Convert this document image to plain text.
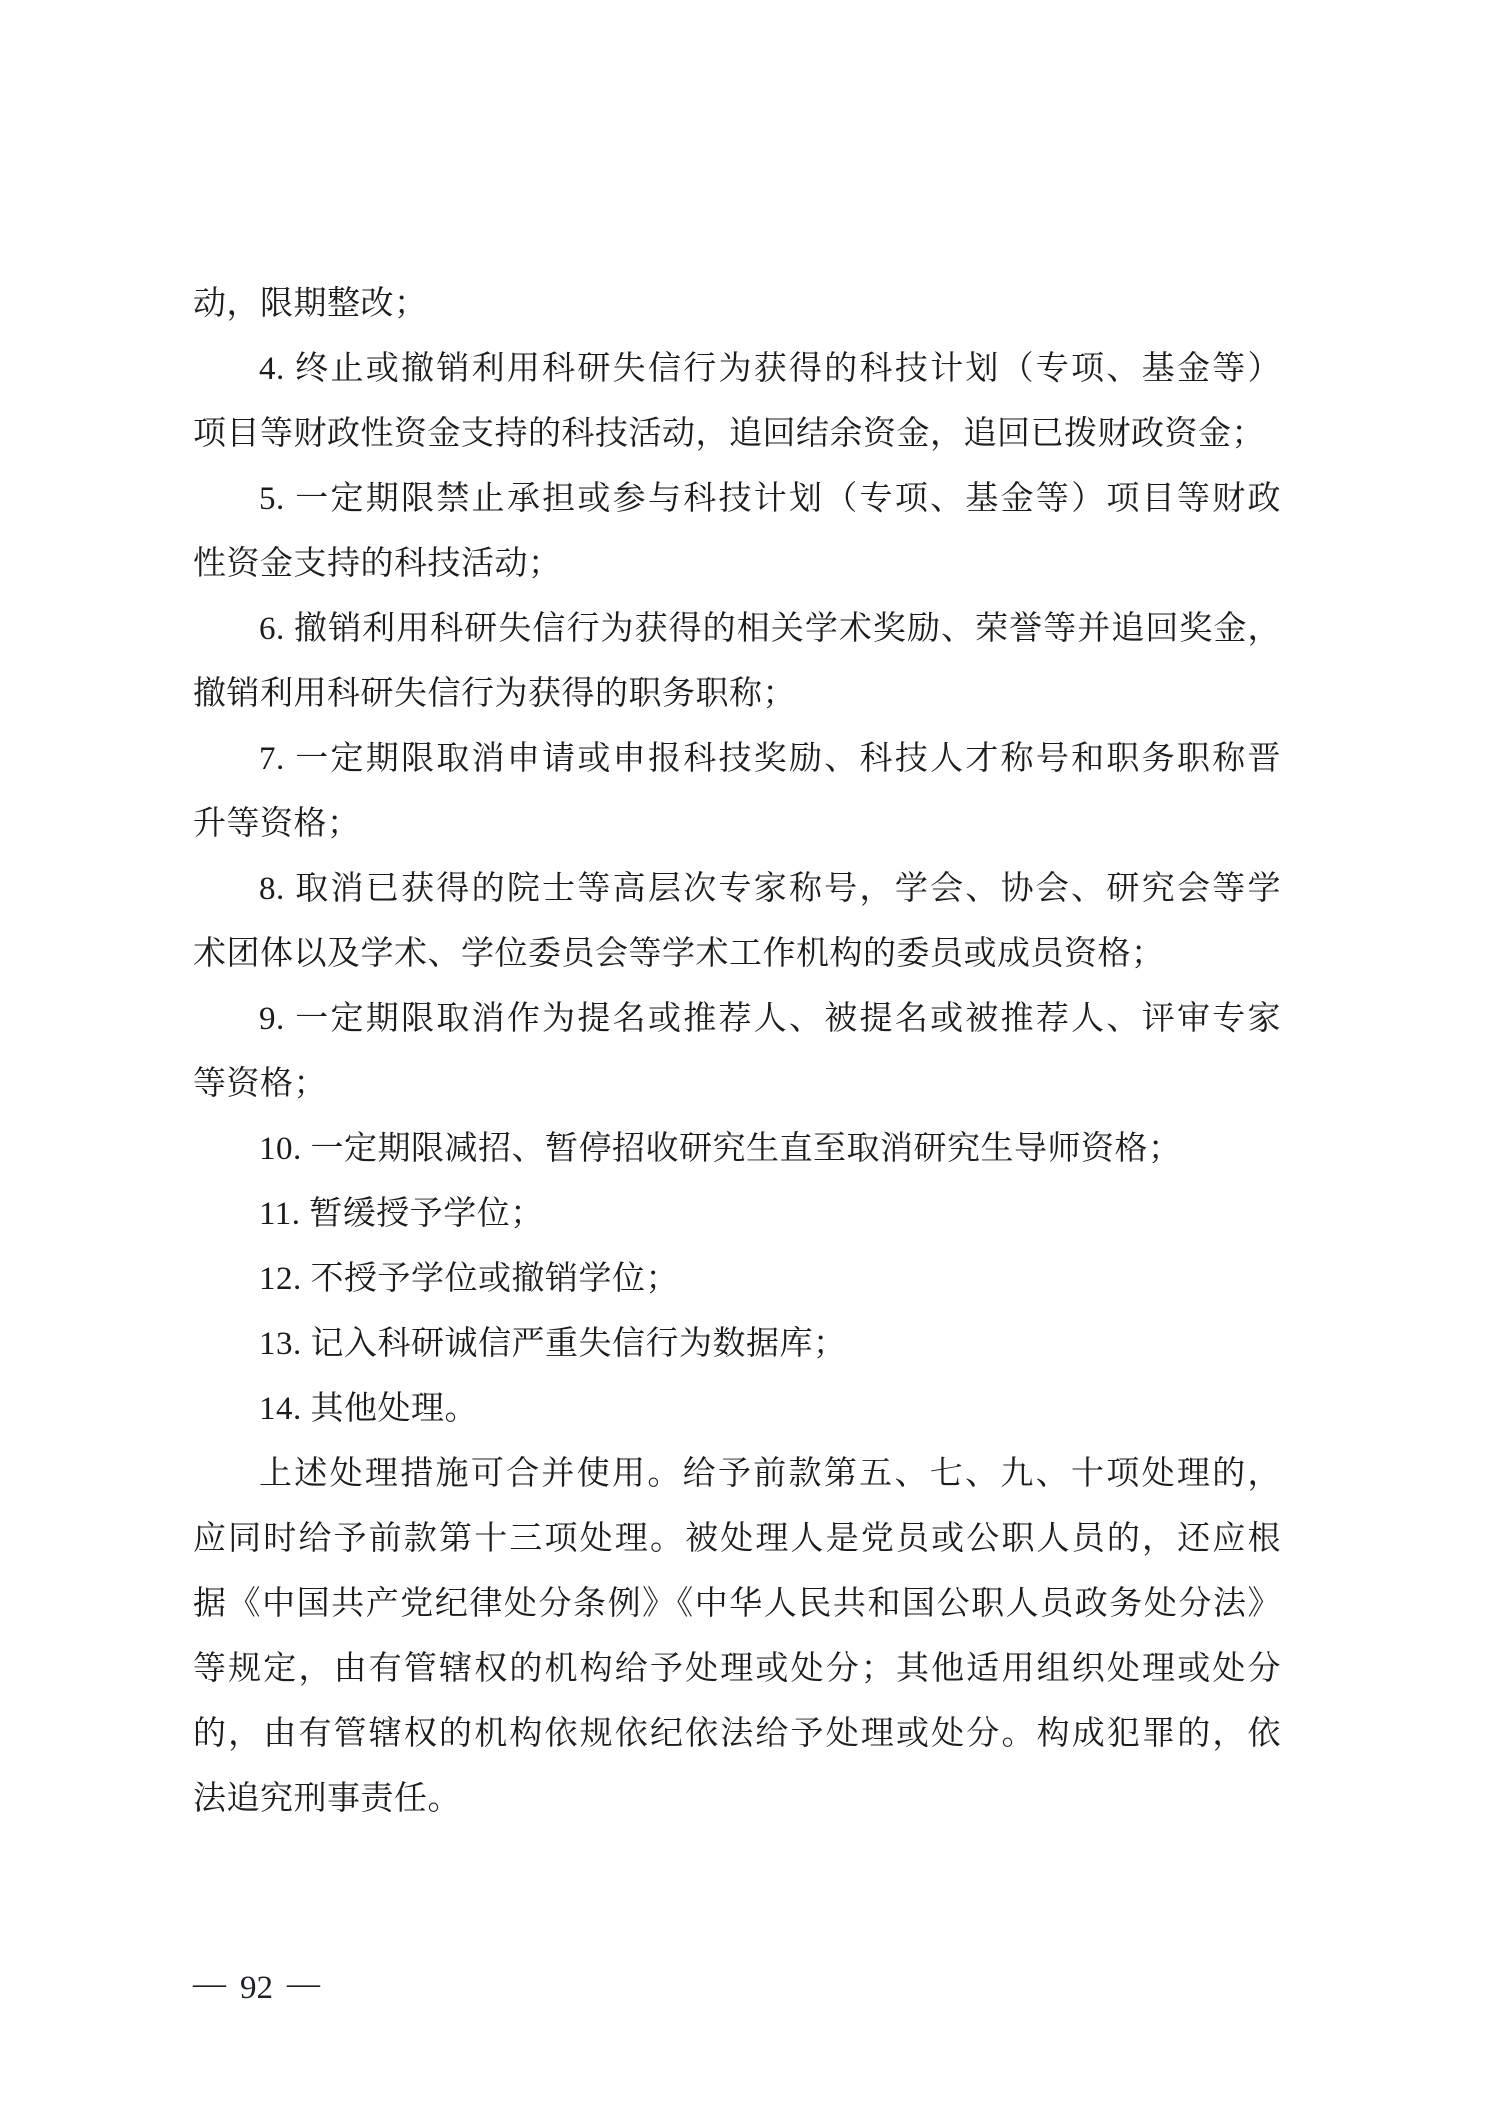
动，限期整改；
4. 终止或撤销利用科研失信行为获得的科技计划（专项、基金等）
项目等财政性资金支持的科技活动，追回结余资金，追回已拨财政资金；
5. 一定期限禁止承担或参与科技计划（专项、基金等）项目等财政
性资金支持的科技活动；
6. 撤销利用科研失信行为获得的相关学术奖励、荣誉等并追回奖金，
撤销利用科研失信行为获得的职务职称；
7. 一定期限取消申请或申报科技奖励、科技人才称号和职务职称晋
升等资格；
8. 取消已获得的院士等高层次专家称号，学会、协会、研究会等学
术团体以及学术、学位委员会等学术工作机构的委员或成员资格；
9. 一定期限取消作为提名或推荐人、被提名或被推荐人、评审专家
等资格；
10. 一定期限减招、暂停招收研究生直至取消研究生导师资格；
11. 暂缓授予学位；
12. 不授予学位或撤销学位；
13. 记入科研诚信严重失信行为数据库；
14. 其他处理。
上述处理措施可合并使用。给予前款第五、七、九、十项处理的，
应同时给予前款第十三项处理。被处理人是党员或公职人员的，还应根
据《中国共产党纪律处分条例》《中华人民共和国公职人员政务处分法》
等规定，由有管辖权的机构给予处理或处分；其他适用组织处理或处分
的，由有管辖权的机构依规依纪依法给予处理或处分。构成犯罪的，依
法追究刑事责任。
— 92 —
